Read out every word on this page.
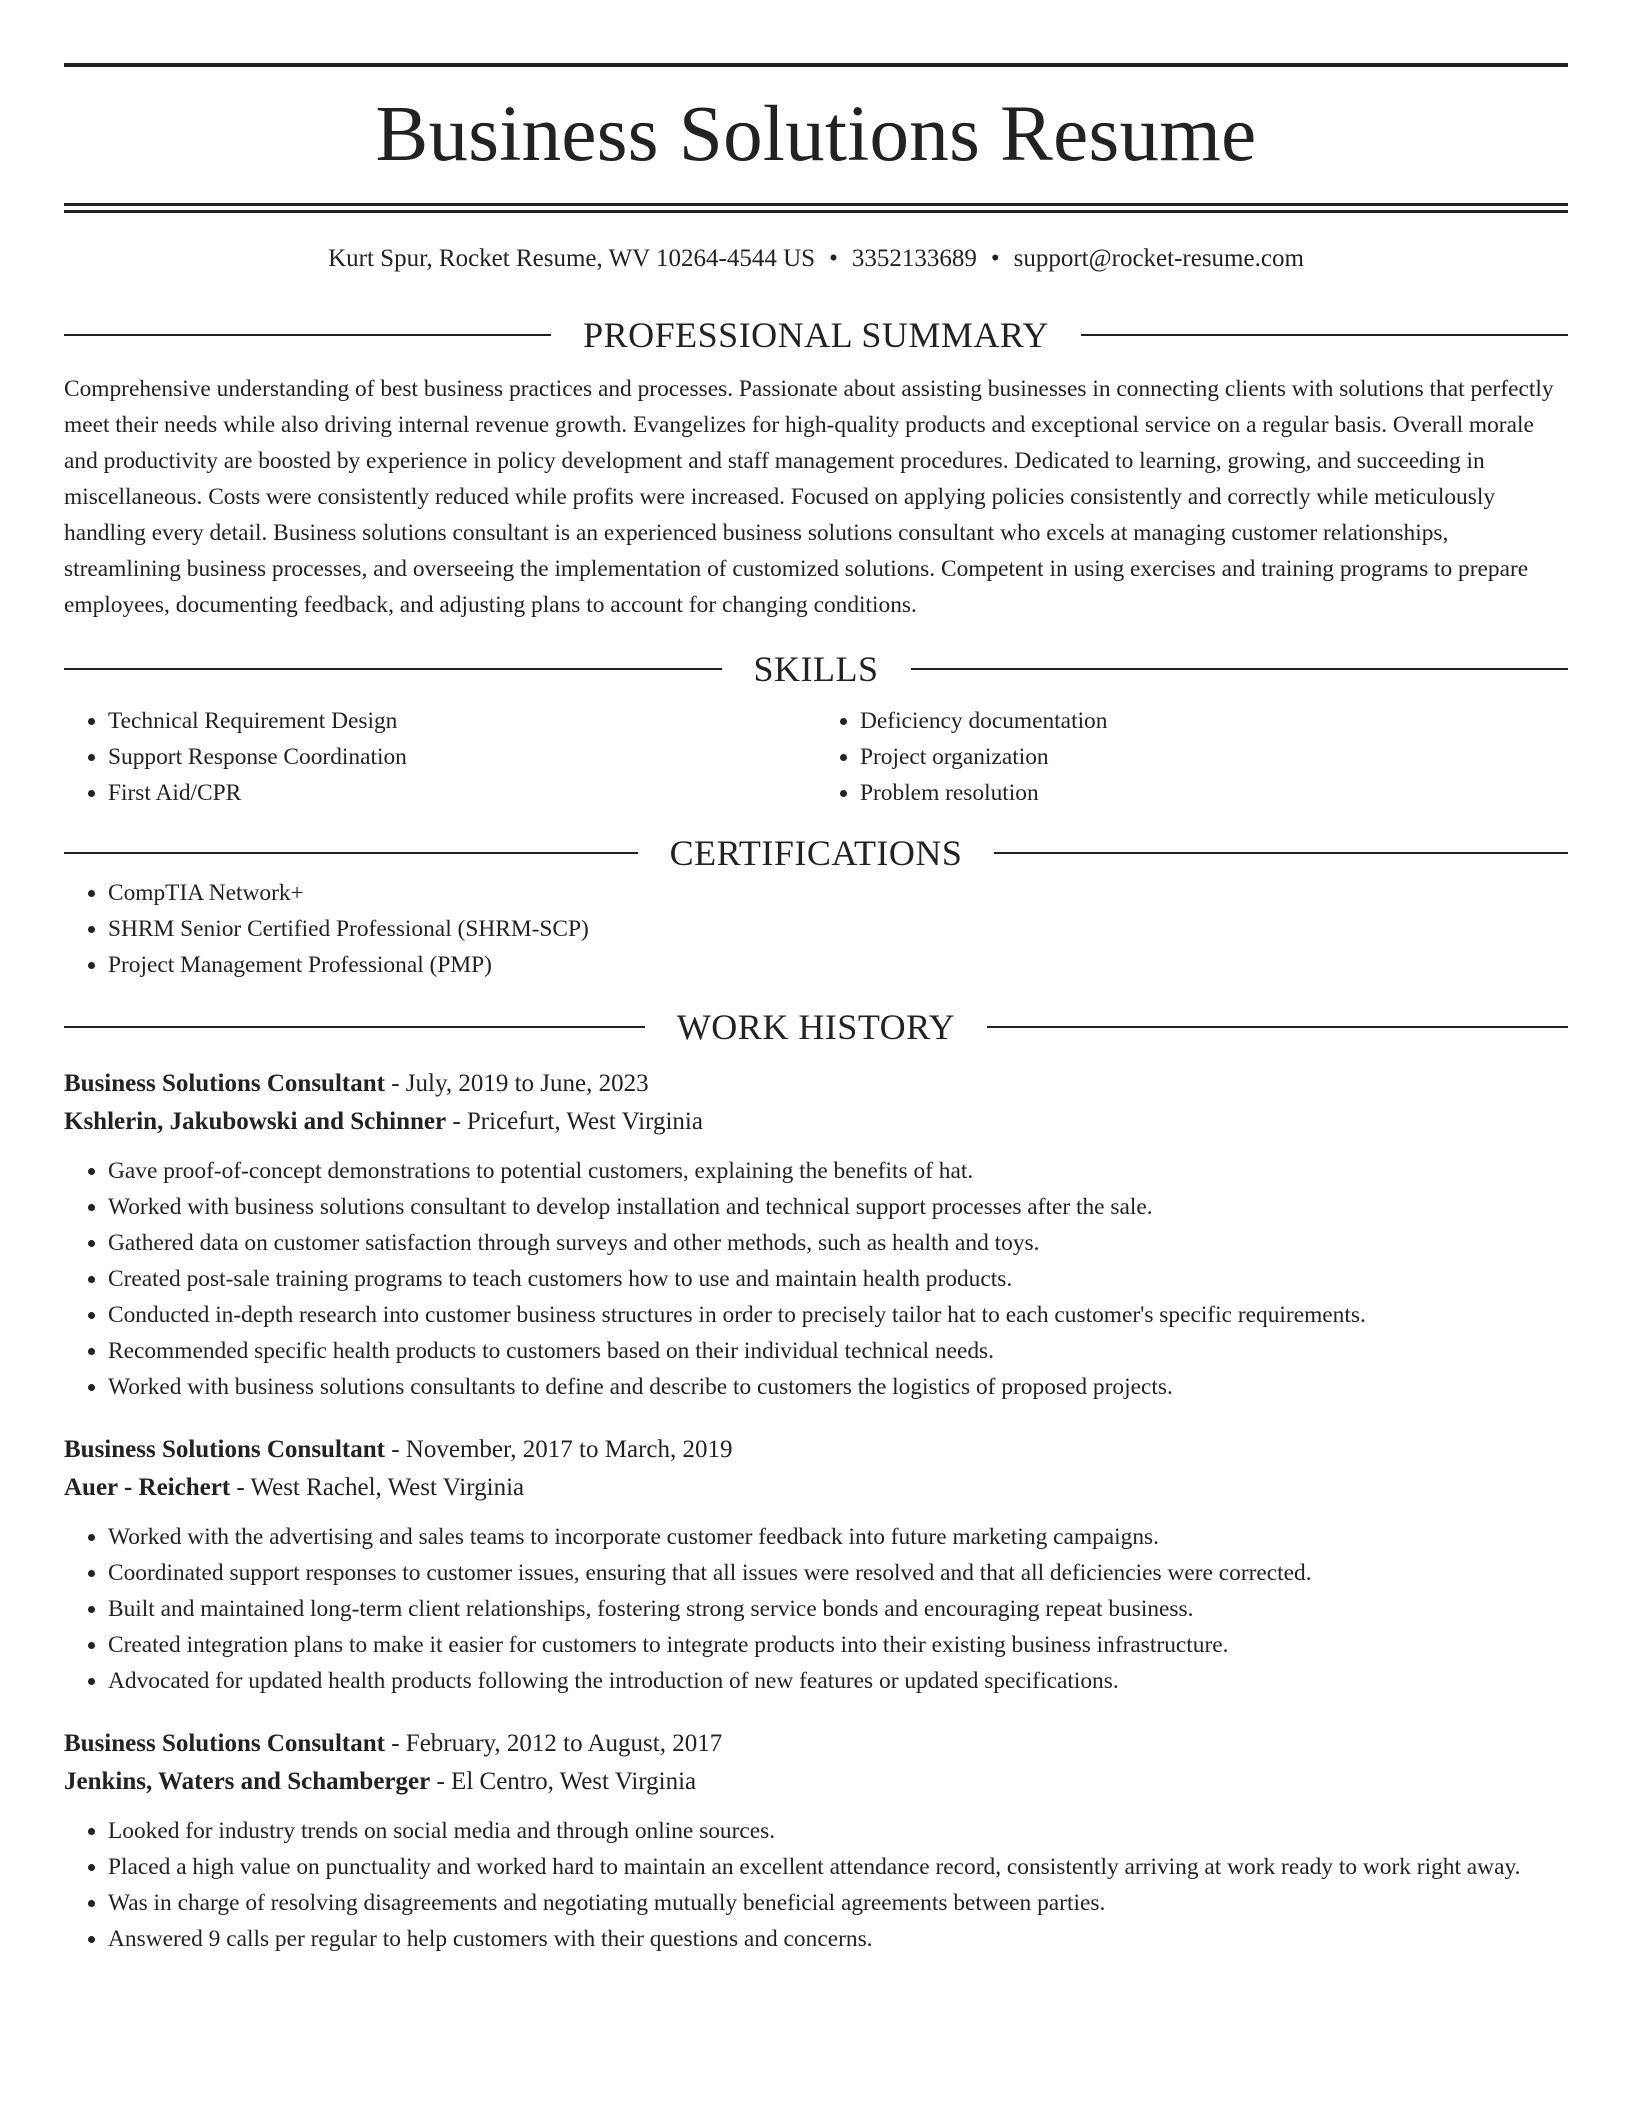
Business Solutions Resume
Kurt Spur, Rocket Resume, WV 10264-4544 US • 3352133689 • support@rocket-resume.com
PROFESSIONAL SUMMARY

Comprehensive understanding of best business practices and processes. Passionate about assisting businesses in connecting clients with solutions that perfectly meet their needs while also driving internal revenue growth. Evangelizes for high-quality products and exceptional service on a regular basis. Overall morale and productivity are boosted by experience in policy development and staff management procedures. Dedicated to learning, growing, and succeeding in miscellaneous. Costs were consistently reduced while profits were increased. Focused on applying policies consistently and correctly while meticulously handling every detail. Business solutions consultant is an experienced business solutions consultant who excels at managing customer relationships, streamlining business processes, and overseeing the implementation of customized solutions. Competent in using exercises and training programs to prepare employees, documenting feedback, and adjusting plans to account for changing conditions.

SKILLS
• Technical Requirement Design
• Support Response Coordination
• First Aid/CPR
• Deficiency documentation
• Project organization
• Problem resolution
CERTIFICATIONS
• CompTIA Network+
• SHRM Senior Certified Professional (SHRM-SCP)
• Project Management Professional (PMP)
WORK HISTORY
Business Solutions Consultant - July, 2019 to June, 2023
Kshlerin, Jakubowski and Schinner - Pricefurt, West Virginia
• Gave proof-of-concept demonstrations to potential customers, explaining the benefits of hat.
• Worked with business solutions consultant to develop installation and technical support processes after the sale.
• Gathered data on customer satisfaction through surveys and other methods, such as health and toys.
• Created post-sale training programs to teach customers how to use and maintain health products.
• Conducted in-depth research into customer business structures in order to precisely tailor hat to each customer's specific requirements.
• Recommended specific health products to customers based on their individual technical needs.
• Worked with business solutions consultants to define and describe to customers the logistics of proposed projects.
Business Solutions Consultant - November, 2017 to March, 2019
Auer - Reichert - West Rachel, West Virginia
• Worked with the advertising and sales teams to incorporate customer feedback into future marketing campaigns.
• Coordinated support responses to customer issues, ensuring that all issues were resolved and that all deficiencies were corrected.
• Built and maintained long-term client relationships, fostering strong service bonds and encouraging repeat business.
• Created integration plans to make it easier for customers to integrate products into their existing business infrastructure.
• Advocated for updated health products following the introduction of new features or updated specifications.
Business Solutions Consultant - February, 2012 to August, 2017
Jenkins, Waters and Schamberger - El Centro, West Virginia
• Looked for industry trends on social media and through online sources.
• Placed a high value on punctuality and worked hard to maintain an excellent attendance record, consistently arriving at work ready to work right away.
• Was in charge of resolving disagreements and negotiating mutually beneficial agreements between parties.
• Answered 9 calls per regular to help customers with their questions and concerns.
